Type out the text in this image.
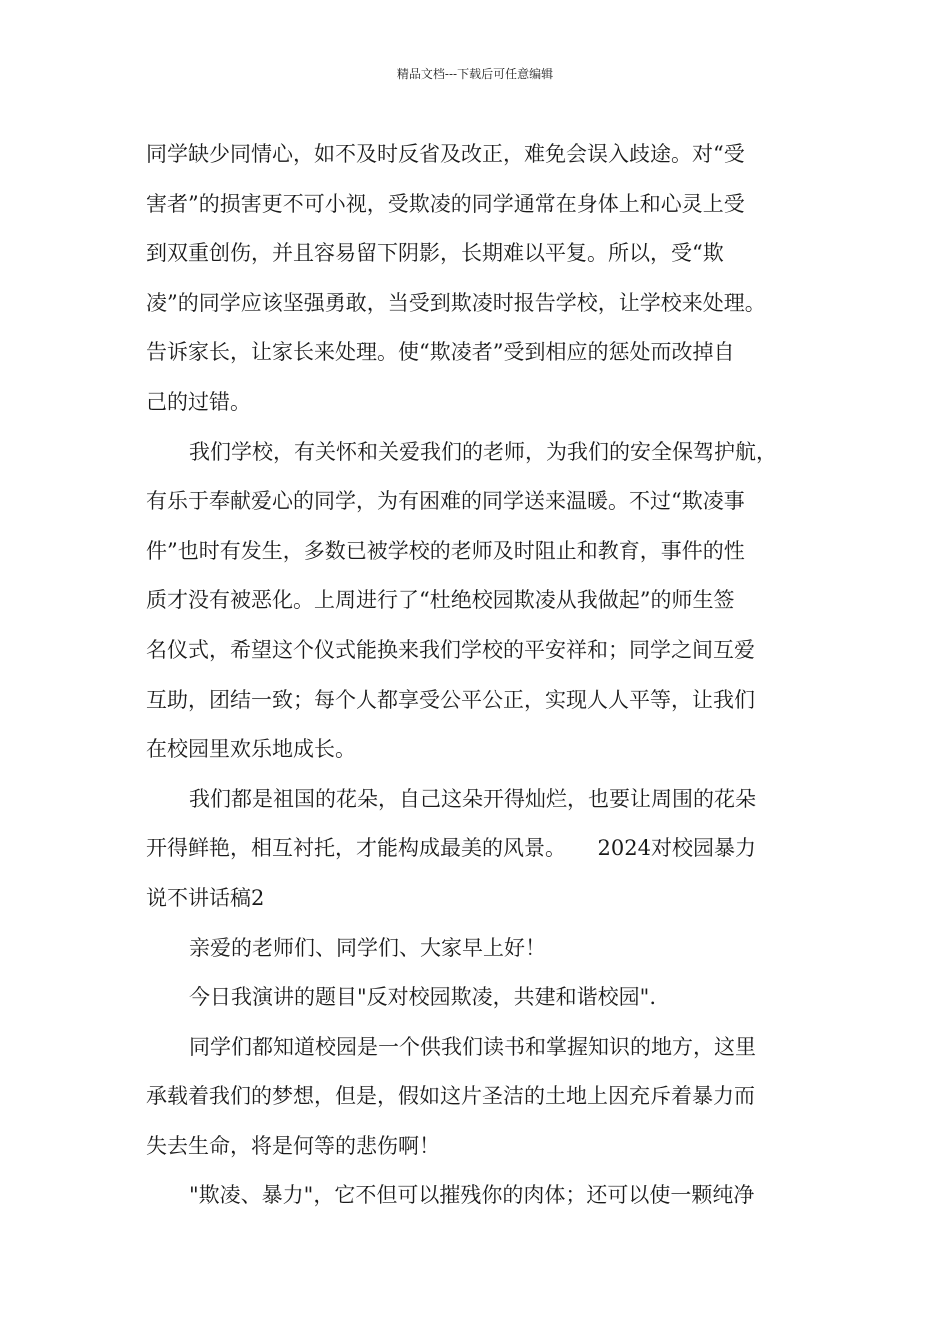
精品文档---下载后可任意编辑
同学缺少同情心，如不及时反省及改正，难免会误入歧途。对“受
害者”的损害更不可小视，受欺凌的同学通常在身体上和心灵上受
到双重创伤，并且容易留下阴影，长期难以平复。所以，受“欺
凌”的同学应该坚强勇敢，当受到欺凌时报告学校，让学校来处理。
告诉家长，让家长来处理。使“欺凌者”受到相应的惩处而改掉自
己的过错。
我们学校，有关怀和关爱我们的老师，为我们的安全保驾护航，
有乐于奉献爱心的同学，为有困难的同学送来温暖。不过“欺凌事
件”也时有发生，多数已被学校的老师及时阻止和教育，事件的性
质才没有被恶化。上周进行了“杜绝校园欺凌从我做起”的师生签
名仪式，希望这个仪式能换来我们学校的平安祥和；同学之间互爱
互助，团结一致；每个人都享受公平公正，实现人人平等，让我们
在校园里欢乐地成长。
我们都是祖国的花朵，自己这朵开得灿烂，也要让周围的花朵
开得鲜艳，相互衬托，才能构成最美的风景。　　2024对校园暴力
说不讲话稿2
亲爱的老师们、同学们、大家早上好！
今日我演讲的题目"反对校园欺凌，共建和谐校园".
同学们都知道校园是一个供我们读书和掌握知识的地方，这里
承载着我们的梦想，但是，假如这片圣洁的土地上因充斥着暴力而
失去生命，将是何等的悲伤啊！
"欺凌、暴力"，它不但可以摧残你的肉体；还可以使一颗纯净
